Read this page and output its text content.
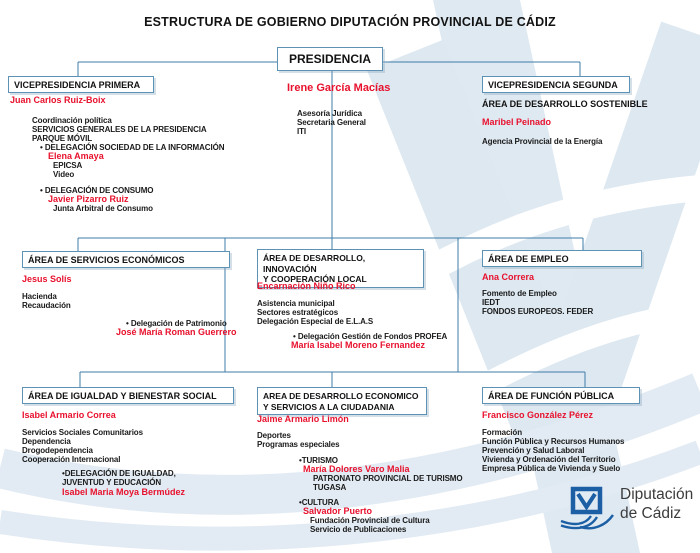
ESTRUCTURA DE GOBIERNO DIPUTACIÓN PROVINCIAL DE CÁDIZ
PRESIDENCIA
Irene García Macías
Asesoría Jurídica
Secretaria General
ITI
VICEPRESIDENCIA PRIMERA
Juan Carlos Ruiz-Boix
Coordinación política
SERVICIOS GENERALES DE LA PRESIDENCIA
PARQUE MÓVIL
• DELEGACIÓN SOCIEDAD DE LA INFORMACIÓN
Elena Amaya
EPICSA
Video
• DELEGACIÓN DE CONSUMO
Javier Pizarro Ruiz
Junta Arbitral de Consumo
VICEPRESIDENCIA SEGUNDA
ÁREA DE DESARROLLO SOSTENIBLE
Maribel Peinado
Agencia Provincial de la Energía
ÁREA DE SERVICIOS ECONÓMICOS
Jesus Solís
Hacienda
Recaudación
• Delegación de Patrimonio
José María Roman Guerrero
ÁREA DE DESARROLLO, INNOVACIÓN
Y COOPERACIÓN LOCAL
Encarnación Niño Rico
Asistencia municipal
Sectores estratégicos
Delegación Especial de E.L.A.S
• Delegación Gestión de Fondos PROFEA
María Isabel Moreno Fernandez
ÁREA DE EMPLEO
Ana Correra
Fomento de Empleo
IEDT
FONDOS EUROPEOS. FEDER
ÁREA DE IGUALDAD Y BIENESTAR SOCIAL
Isabel Armario Correa
Servicios Sociales Comunitarios
Dependencia
Drogodependencia
Cooperación Internacional
•DELEGACIÓN DE IGUALDAD,
JUVENTUD Y EDUCACIÓN
Isabel Maria Moya Bermúdez
AREA DE DESARROLLO ECONOMICO
Y SERVICIOS A LA CIUDADANIA
Jaime Armario Limón
Deportes
Programas especiales
•TURISMO
María Dolores Varo Malia
PATRONATO PROVINCIAL DE TURISMO
TUGASA
•CULTURA
Salvador Puerto
Fundación Provincial de Cultura
Servicio de Publicaciones
ÁREA DE FUNCIÓN PÚBLICA
Francisco González Pérez
Formación
Función Pública y Recursos Humanos
Prevención y Salud Laboral
Vivienda y Ordenación del Territorio
Empresa Pública de Vivienda y Suelo
Diputación
de Cádiz
